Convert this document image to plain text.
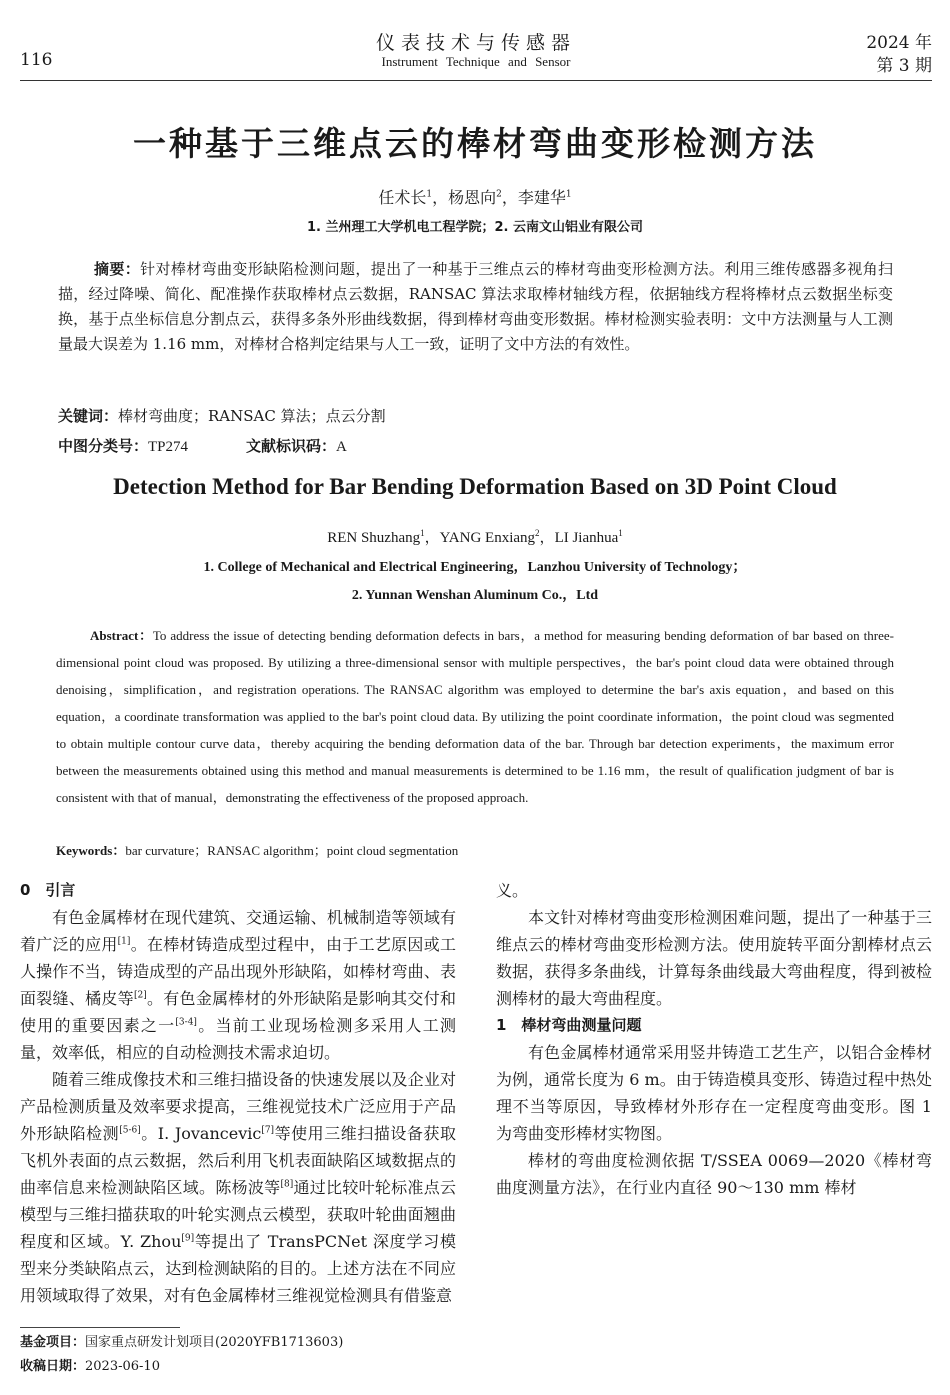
116
仪表技术与传感器
Instrument Technique and Sensor
2024 年
第 3 期
一种基于三维点云的棒材弯曲变形检测方法
任术长$^1$，杨恩向$^2$，李建华$^1$
1. 兰州理工大学机电工程学院；2. 云南文山铝业有限公司
摘要：针对棒材弯曲变形缺陷检测问题，提出了一种基于三维点云的棒材弯曲变形检测方法。利用三维传感器多视角扫描，经过降噪、简化、配准操作获取棒材点云数据，RANSAC 算法求取棒材轴线方程，依据轴线方程将棒材点云数据坐标变换，基于点坐标信息分割点云，获得多条外形曲线数据，得到棒材弯曲变形数据。棒材检测实验表明：文中方法测量与人工测量最大误差为 1.16 mm，对棒材合格判定结果与人工一致，证明了文中方法的有效性。
关键词：棒材弯曲度；RANSAC 算法；点云分割
中图分类号：TP274	文献标识码：A
Detection Method for Bar Bending Deformation Based on 3D Point Cloud
REN Shuzhang$^1$，YANG Enxiang$^2$，LI Jianhua$^1$
1. College of Mechanical and Electrical Engineering，Lanzhou University of Technology；
2. Yunnan Wenshan Aluminum Co.，Ltd
Abstract：To address the issue of detecting bending deformation defects in bars，a method for measuring bending deformation of bar based on three-dimensional point cloud was proposed. By utilizing a three-dimensional sensor with multiple perspectives，the bar's point cloud data were obtained through denoising，simplification，and registration operations. The RANSAC algorithm was employed to determine the bar's axis equation，and based on this equation，a coordinate transformation was applied to the bar's point cloud data. By utilizing the point coordinate information，the point cloud was segmented to obtain multiple contour curve data，thereby acquiring the bending deformation data of the bar. Through bar detection experiments，the maximum error between the measurements obtained using this method and manual measurements is determined to be 1.16 mm，the result of qualification judgment of bar is consistent with that of manual，demonstrating the effectiveness of the proposed approach.
Keywords：bar curvature；RANSAC algorithm；point cloud segmentation

0　引言

有色金属棒材在现代建筑、交通运输、机械制造等领域有着广泛的应用[1]。在棒材铸造成型过程中，由于工艺原因或工人操作不当，铸造成型的产品出现外形缺陷，如棒材弯曲、表面裂缝、橘皮等[2]。有色金属棒材的外形缺陷是影响其交付和使用的重要因素之一[3-4]。当前工业现场检测多采用人工测量，效率低，相应的自动检测技术需求迫切。

随着三维成像技术和三维扫描设备的快速发展以及企业对产品检测质量及效率要求提高，三维视觉技术广泛应用于产品外形缺陷检测[5-6]。I. Jovancevic[7]等使用三维扫描设备获取飞机外表面的点云数据，然后利用飞机表面缺陷区域数据点的曲率信息来检测缺陷区域。陈杨波等[8]通过比较叶轮标准点云模型与三维扫描获取的叶轮实测点云模型，获取叶轮曲面翘曲程度和区域。Y. Zhou[9]等提出了 TransPCNet 深度学习模型来分类缺陷点云，达到检测缺陷的目的。上述方法在不同应用领域取得了效果，对有色金属棒材三维视觉检测具有借鉴意

基金项目：国家重点研发计划项目(2020YFB1713603)
收稿日期：2023-06-10

义。

本文针对棒材弯曲变形检测困难问题，提出了一种基于三维点云的棒材弯曲变形检测方法。使用旋转平面分割棒材点云数据，获得多条曲线，计算每条曲线最大弯曲程度，得到被检测棒材的最大弯曲程度。

1　棒材弯曲测量问题

有色金属棒材通常采用竖井铸造工艺生产，以铝合金棒材为例，通常长度为 6 m。由于铸造模具变形、铸造过程中热处理不当等原因，导致棒材外形存在一定程度弯曲变形。图 1 为弯曲变形棒材实物图。

棒材的弯曲度检测依据 T/SSEA 0069—2020《棒材弯曲度测量方法》，在行业内直径 90～130 mm 棒材
